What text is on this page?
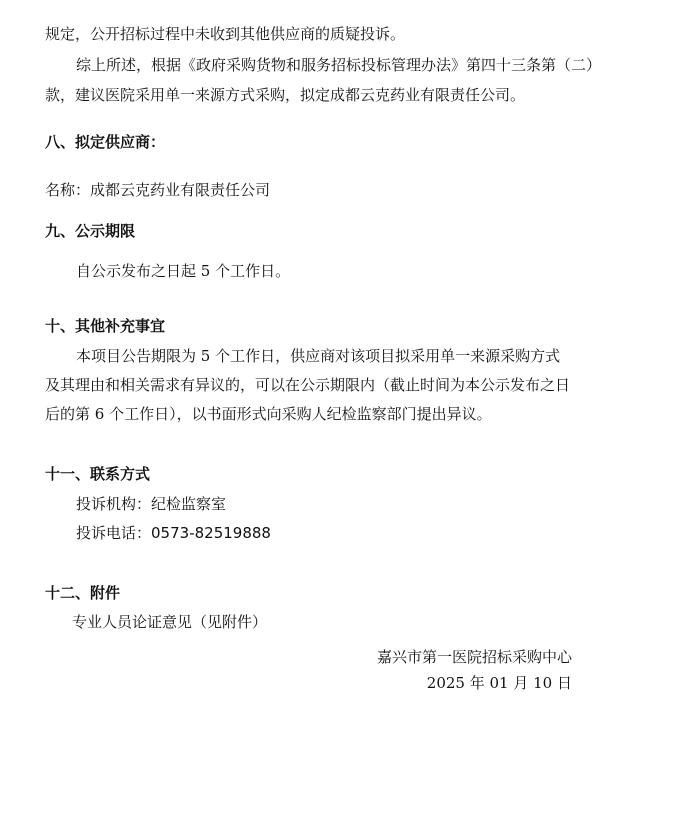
规定，公开招标过程中未收到其他供应商的质疑投诉。
综上所述，根据《政府采购货物和服务招标投标管理办法》第四十三条第（二）
款，建议医院采用单一来源方式采购，拟定成都云克药业有限责任公司。
八、拟定供应商：
名称：成都云克药业有限责任公司
九、公示期限
自公示发布之日起 5 个工作日。
十、其他补充事宜
本项目公告期限为 5 个工作日，供应商对该项目拟采用单一来源采购方式
及其理由和相关需求有异议的，可以在公示期限内（截止时间为本公示发布之日
后的第 6 个工作日），以书面形式向采购人纪检监察部门提出异议。
十一、联系方式
投诉机构：纪检监察室
投诉电话：0573-82519888
十二、附件
专业人员论证意见（见附件）
嘉兴市第一医院招标采购中心
2025 年 01 月 10 日
